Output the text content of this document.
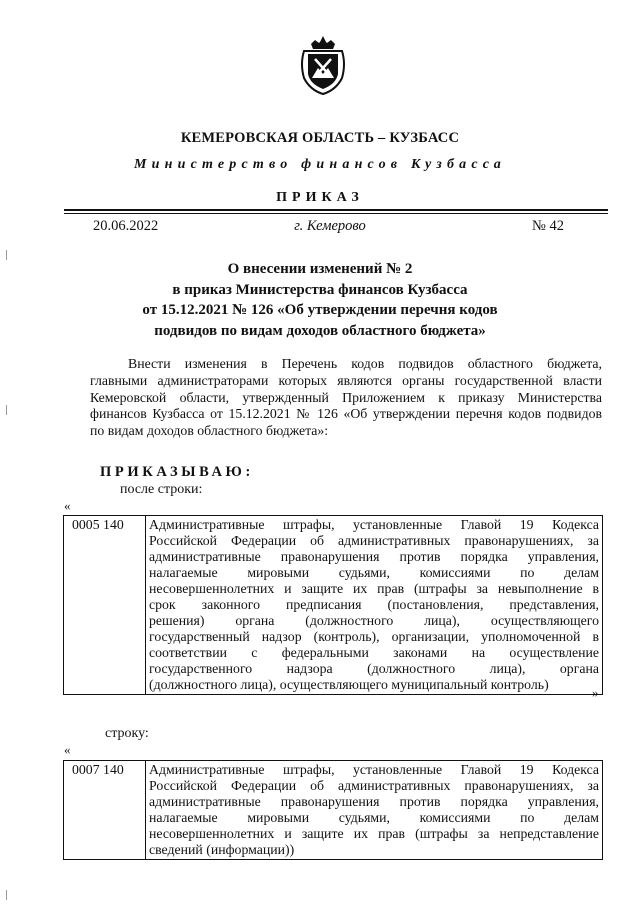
КЕМЕРОВСКАЯ ОБЛАСТЬ – КУЗБАСС
Министерство финансов Кузбасса
ПРИКАЗ
20.06.2022	г. Кемерово	№ 42
О внесении изменений № 2
в приказ Министерства финансов Кузбасса
от 15.12.2021 № 126 «Об утверждении перечня кодов
подвидов по видам доходов областного бюджета»
Внести изменения в Перечень кодов подвидов областного бюджета,
главными администраторами которых являются органы государственной власти
Кемеровской области, утвержденный Приложением к приказу Министерства
финансов Кузбасса от 15.12.2021 № 126 «Об утверждении перечня кодов подвидов
по видам доходов областного бюджета»:
ПРИКАЗЫВАЮ:
после строки:
«
0005 140	Административные штрафы, установленные Главой 19 Кодекса
Российской Федерации об административных правонарушениях, за
административные правонарушения против порядка управления,
налагаемые мировыми судьями, комиссиями по делам
несовершеннолетних и защите их прав (штрафы за невыполнение в
срок законного предписания (постановления, представления,
решения) органа (должностного лица), осуществляющего
государственный надзор (контроль), организации, уполномоченной в
соответствии с федеральными законами на осуществление
государственного надзора (должностного лица), органа
(должностного лица), осуществляющего муниципальный контроль)
»
строку:
«
0007 140	Административные штрафы, установленные Главой 19 Кодекса
Российской Федерации об административных правонарушениях, за
административные правонарушения против порядка управления,
налагаемые мировыми судьями, комиссиями по делам
несовершеннолетних и защите их прав (штрафы за непредставление
сведений (информации))
